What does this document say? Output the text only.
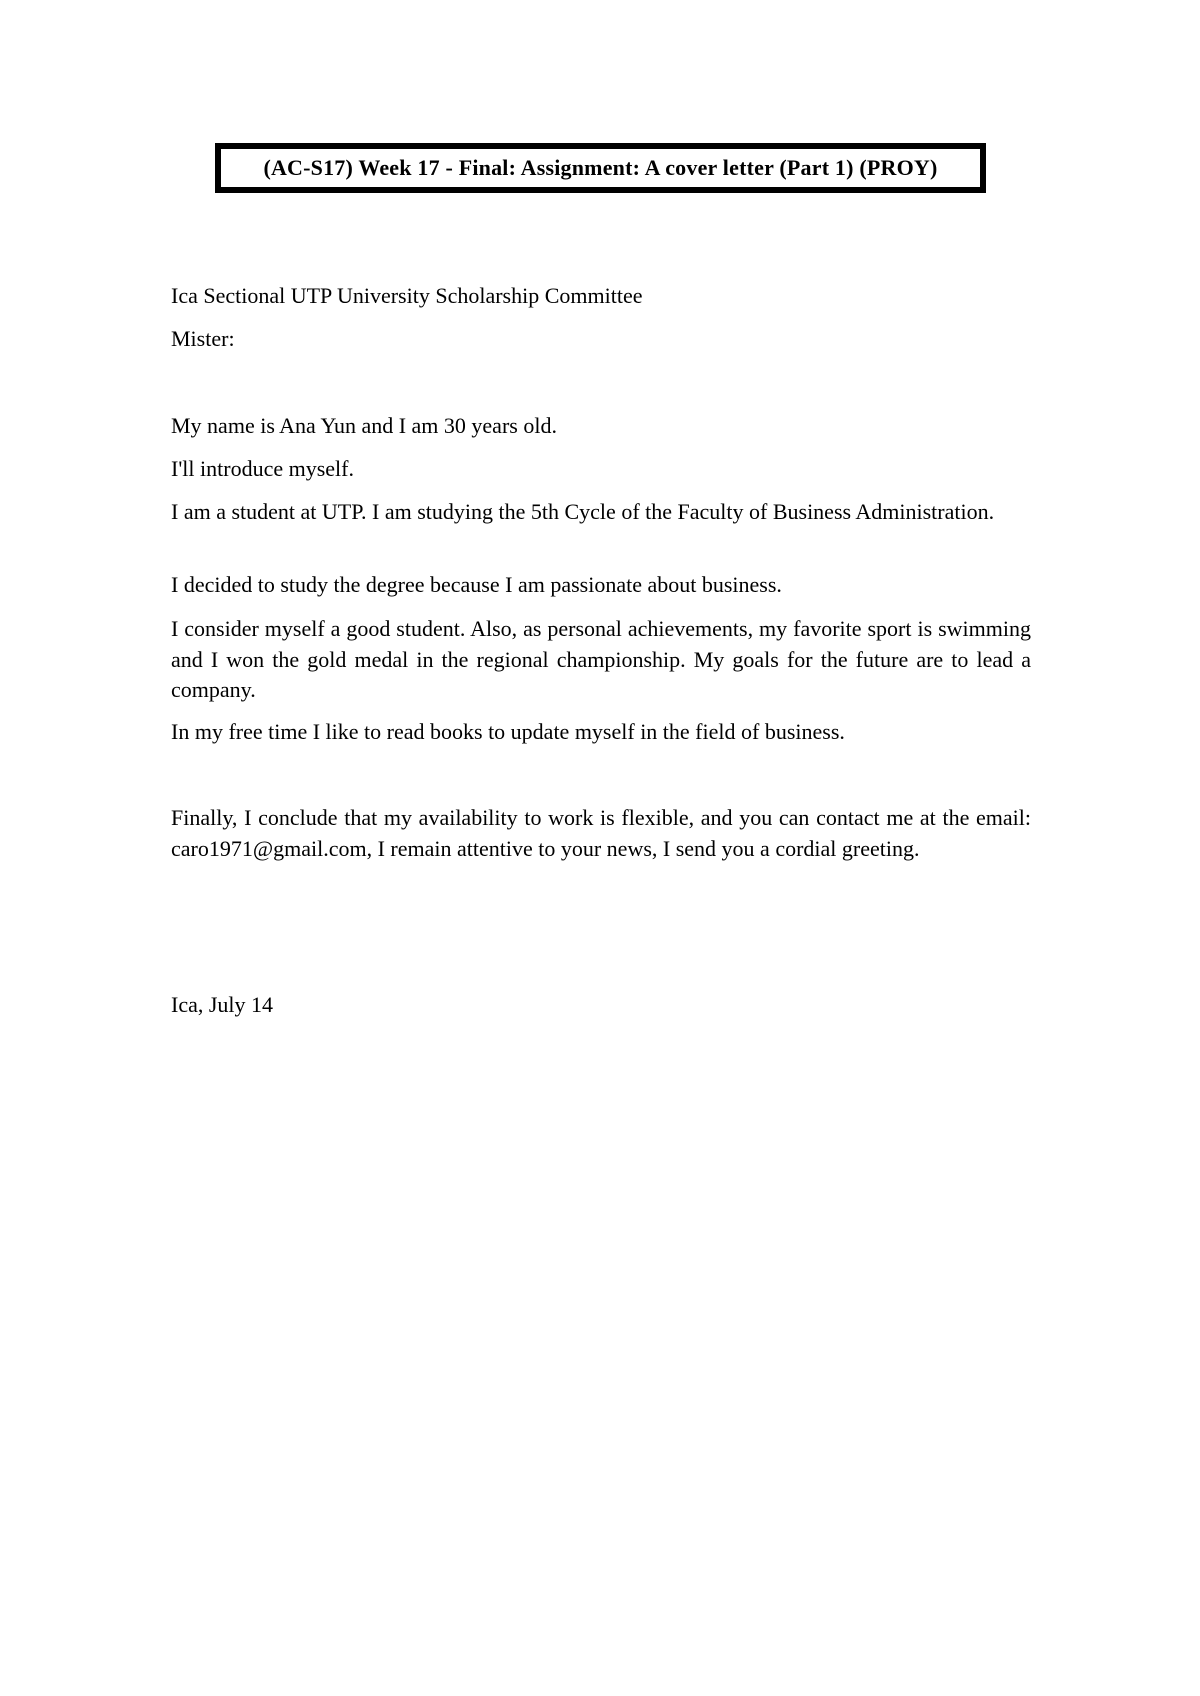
(AC-S17) Week 17 - Final: Assignment: A cover letter (Part 1) (PROY)

Ica Sectional UTP University Scholarship Committee

Mister:

My name is Ana Yun and I am 30 years old.

I'll introduce myself.

I am a student at UTP. I am studying the 5th Cycle of the Faculty of Business Administration.

I decided to study the degree because I am passionate about business.

I consider myself a good student. Also, as personal achievements, my favorite sport is swimming and I won the gold medal in the regional championship. My goals for the future are to lead a company.

In my free time I like to read books to update myself in the field of business.

Finally, I conclude that my availability to work is flexible, and you can contact me at the email: caro1971@gmail.com, I remain attentive to your news, I send you a cordial greeting.

Ica, July 14
